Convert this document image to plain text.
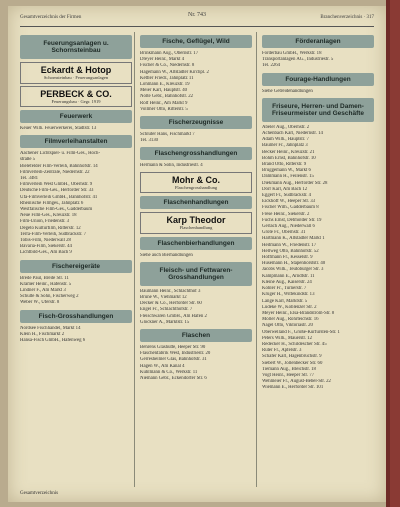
Gesamtverzeichnis der Firmen	Nr. 743	Branchenverzeichnis · 317
Feuerungsanlagen u. Schornsteinbau
Eckardt & Hotop
Schornsteinbau · Feuerungsanlagen
PERBECK & CO.
Feuerungsbau · Gegr. 1919
Feuerwerk

Keuer Wilh. Feuerwerkerei, Stadtstr. 13

Filmverleihanstalten

Aachener Lichtspiel- u. Film-Ges., Hoch-

straße 5

Bielefelder Film-Verleih, Bahnhofstr. 14

Filmverleih-Zentrale, Niedernstr. 22

Tel. 3481

Filmverleih West GmbH., Obernstr. 9

Deutsche Film-Ges., Herforder Str. 33

Ufa-Filmverleih GmbH., Bahnhofstr. 41

Rheinische Filmges., Jahnplatz 6

Westfälische Film-Ges., Gadderbaum

Neue Film-Ges., Kreuzstr. 18

Film-Union, Friedenstr. 3

Degeto Kulturfilm, Ritterstr. 12

Terra-Film-Verleih, Sudbrackstr. 7

Tobis-Film, Niederwall 28

Bavaria-Film, Siekerstr. 44

Lichtbild-Ges., Am Bach 9

Fischereigeräte

Brede Paul, Breite Str. 11

Kramer Heinr., Hafenstr. 5

Lindner F., Am Markt 3

Schulte & Sohn, Fischerweg 2

Weber W., Uferstr. 8

Fisch-Grosshandlungen

Nordsee Fischhandel, Markt 14

Klein H., Fischmarkt 2

Hansa-Fisch GmbH., Hafenweg 6

Fische, Geflügel, Wild

Brinkmann Aug., Obernstr. 17

Dreyer Heinr., Markt 4

Fischer & Co., Niedernstr. 8

Hagemann W., Altstädter Kirchpl. 2

Kettler Friedr., Jahnplatz 11

Lohmann E., Kreuzstr. 19

Meier Karl, Hauptstr. 40

Nolte Gebr., Bahnhofstr. 22

Rolf Heinr., Am Markt 9

Vollmer Otto, Ritterstr. 5

Fischerzeugnisse

Schlüter Hans, Fischmarkt 7

Tel. 3130

Flaschengrosshandlungen

Hermann & Sohn, Industriestr. 4

Mohr & Co.
Flaschengrosshandlung
Flaschenhandlungen
Karp Theodor
Flaschenhandlung
Flaschenbierhandlungen

Siehe auch Bierhandlungen

Fleisch- und Fettwaren-Grosshandlungen

Baumann Heinr., Schlachthof 3

Brune W., Viehmarkt 12

Decker & Co., Herforder Str. 60

Engel Fr., Schlachthofstr. 7

Fleischwaren GmbH., Am Hafen 2

Glöckner A., Marktstr. 15

Flaschen

Behrens Glashütte, Heeper Str. 90

Flaschenfabrik West, Industriestr. 20

Gerresheimer Glas, Bahnhofstr. 31

Hagen W., Am Kanal 4

Kuhlmann & Co., Werkstr. 11

Niemann Gebr., Eckendorfer Str. 6

Förderanlagen

Förderbau GmbH., Werkstr. 18

Transportanlagen AG., Industriestr. 5

Tel. 2264

Fourage-Handlungen

Siehe Getreidehandlungen

Friseure, Herren- und Damen-Friseurmeister und Geschäfte

Abeler Aug., Obernstr. 2

Achenbach Karl, Niedernstr. 14

Adam Wilh., Hauptstr. 7

Bäumer Fr., Jahnplatz 3

Becker Heinr., Kreuzstr. 21

Böhm Ernst, Bahnhofstr. 10

Brand Otto, Ritterstr. 9

Brüggemann W., Markt 6

Dammann H., Feilenstr. 15

Diekmann Aug., Herforder Str. 28

Dörr Karl, Am Bach 12

Eggert Fr., Sudbrackstr. 4

Eickhoff W., Heeper Str. 33

Fischer Wilh., Gadderbaum 8

Frese Heinr., Siekerstr. 2

Fuchs Ernst, Detmolder Str. 19

Gerlach Aug., Niederwall 6

Grote Fr., Obernstr. 31

Hartmann K., Altstädter Markt 1

Heitmann W., Friedenstr. 17

Hellweg Otto, Bahnhofstr. 52

Hoffmann Fr., Kesselstr. 9

Husemann H., Stapenhorststr. 40

Jacobs Wilh., Teutoburger Str. 3

Kampmann E., Arndtstr. 11

Kleine Aug., Kaiserstr. 24

Köhler Fr., Turnerstr. 7

Krüger H., Wittekindstr. 13

Lange Karl, Marktstr. 5

Lüdeke W., Koblenzer Str. 2

Meyer Heinr., Elsa-Brändström-Str. 8

Möller Aug., Rohrteichstr. 16

Nagel Otto, Viktoriastr. 20

Oberwelland F., Große-Kurfürsten-Str. 1

Peters Wilh., Mauerstr. 12

Redecker H., Schildescher Str. 45

Rüter Fr., Apfelstr. 3

Schäfer Karl, Hagenbruchstr. 9

Siebert W., Jöllenbecker Str. 60

Tiemann Aug., Bleichstr. 18

Vogt Heinr., Heeper Str. 77

Wehmeier Fr., August-Bebel-Str. 22

Wiemann E., Herforder Str. 101

Gesamtverzeichnis
